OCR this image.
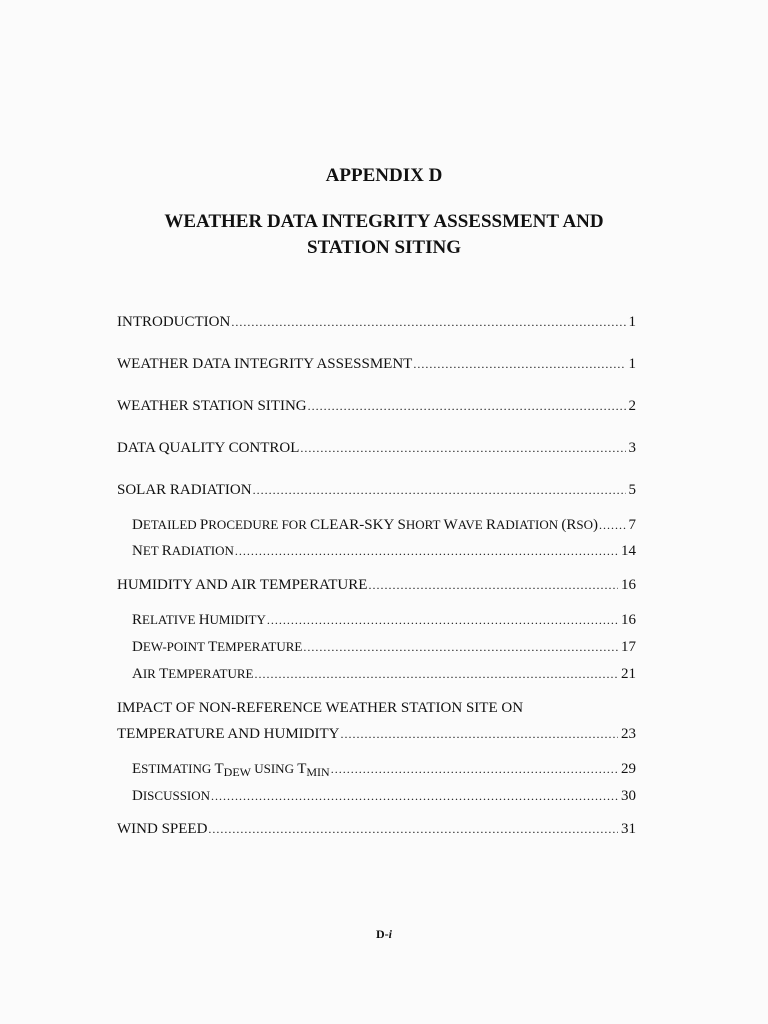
APPENDIX D
WEATHER DATA INTEGRITY ASSESSMENT AND
STATION SITING
INTRODUCTION .....	1
WEATHER DATA INTEGRITY ASSESSMENT .....	1
WEATHER STATION SITING .....	2
DATA QUALITY CONTROL .....	3
SOLAR RADIATION .....	5
DETAILED PROCEDURE FOR CLEAR-SKY SHORT WAVE RADIATION (RSO) ..... 7
NET RADIATION .....	14
HUMIDITY AND AIR TEMPERATURE .....	16
RELATIVE HUMIDITY .....	16
DEW-POINT TEMPERATURE .....	17
AIR TEMPERATURE .....	21
IMPACT OF NON-REFERENCE WEATHER STATION SITE ON
TEMPERATURE AND HUMIDITY .....	23
ESTIMATING TDEW USING TMIN .....	29
DISCUSSION .....	30
WIND SPEED .....	31
D-i
